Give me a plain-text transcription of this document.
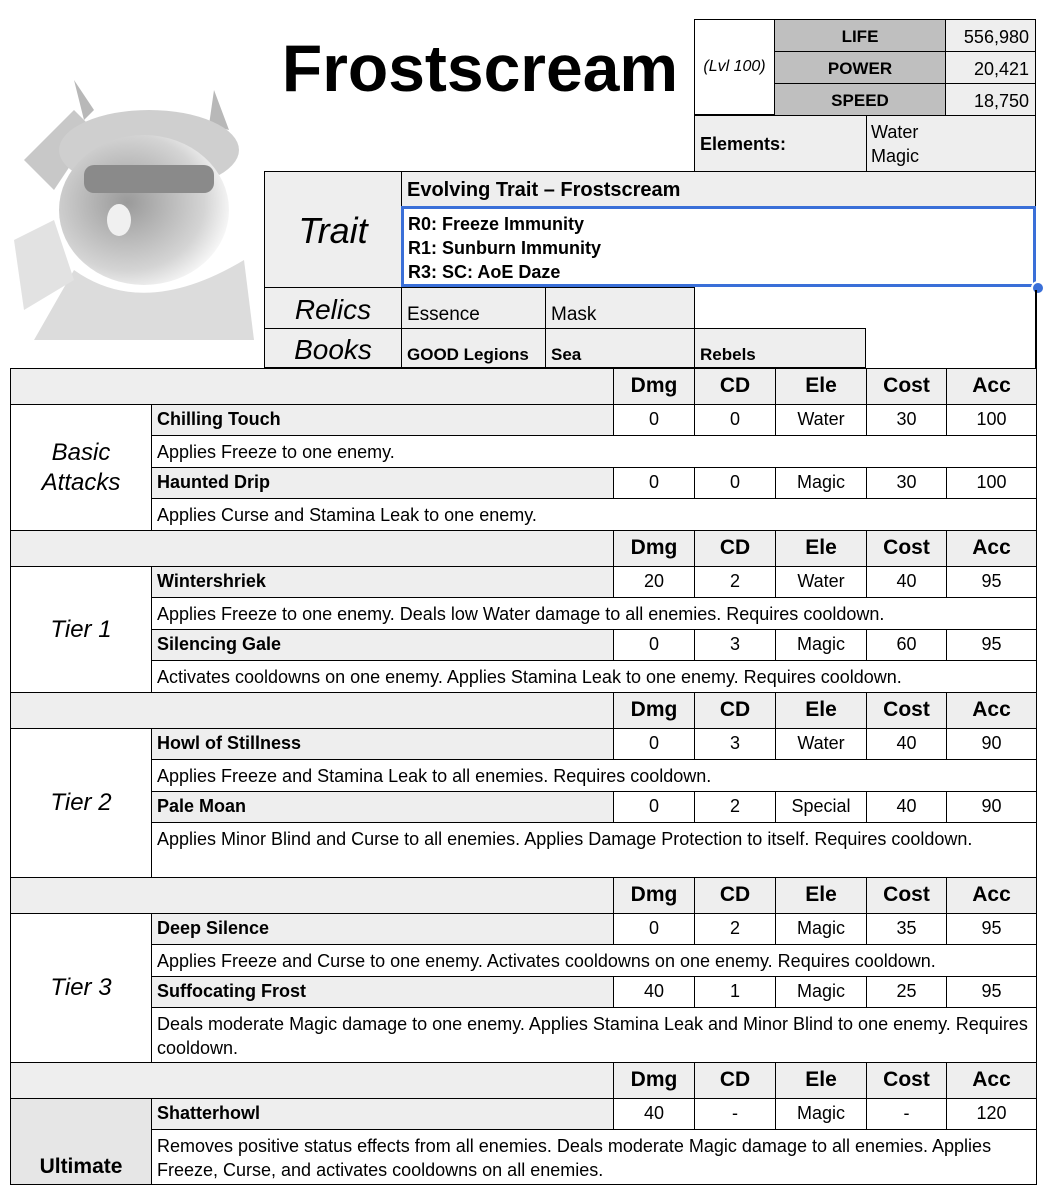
Frostscream	(Lvl 100)
LIFE	556,980
POWER	20,421
SPEED	18,750
Elements:
Water
Magic
Trait
Evolving Trait – Frostscream
R0: Freeze Immunity
R1: Sunburn Immunity
R3: SC: AoE Daze
Relics	Essence	Mask
Books	GOOD Legions	Sea	Rebels
Dmg	CD	Ele	Cost	Acc
Chilling Touch	0	0	Water	30	100
Applies Freeze to one enemy.
Haunted Drip	0	0	Magic	30	100
Applies Curse and Stamina Leak to one enemy.
Basic Attacks
Dmg	CD	Ele	Cost	Acc
Wintershriek	20	2	Water	40	95
Applies Freeze to one enemy. Deals low Water damage to all enemies. Requires cooldown.
Silencing Gale	0	3	Magic	60	95
Activates cooldowns on one enemy. Applies Stamina Leak to one enemy. Requires cooldown.
Tier 1
Dmg	CD	Ele	Cost	Acc
Howl of Stillness	0	3	Water	40	90
Applies Freeze and Stamina Leak to all enemies. Requires cooldown.
Pale Moan	0	2	Special	40	90
Applies Minor Blind and Curse to all enemies. Applies Damage Protection to itself. Requires cooldown.
Tier 2
Dmg	CD	Ele	Cost	Acc
Deep Silence	0	2	Magic	35	95
Applies Freeze and Curse to one enemy. Activates cooldowns on one enemy. Requires cooldown.
Suffocating Frost	40	1	Magic	25	95
Deals moderate Magic damage to one enemy. Applies Stamina Leak and Minor Blind to one enemy. Requires cooldown.
Tier 3
Dmg	CD	Ele	Cost	Acc
Shatterhowl	40	-	Magic	-	120
Removes positive status effects from all enemies. Deals moderate Magic damage to all enemies. Applies Freeze, Curse, and activates cooldowns on all enemies.
Ultimate
